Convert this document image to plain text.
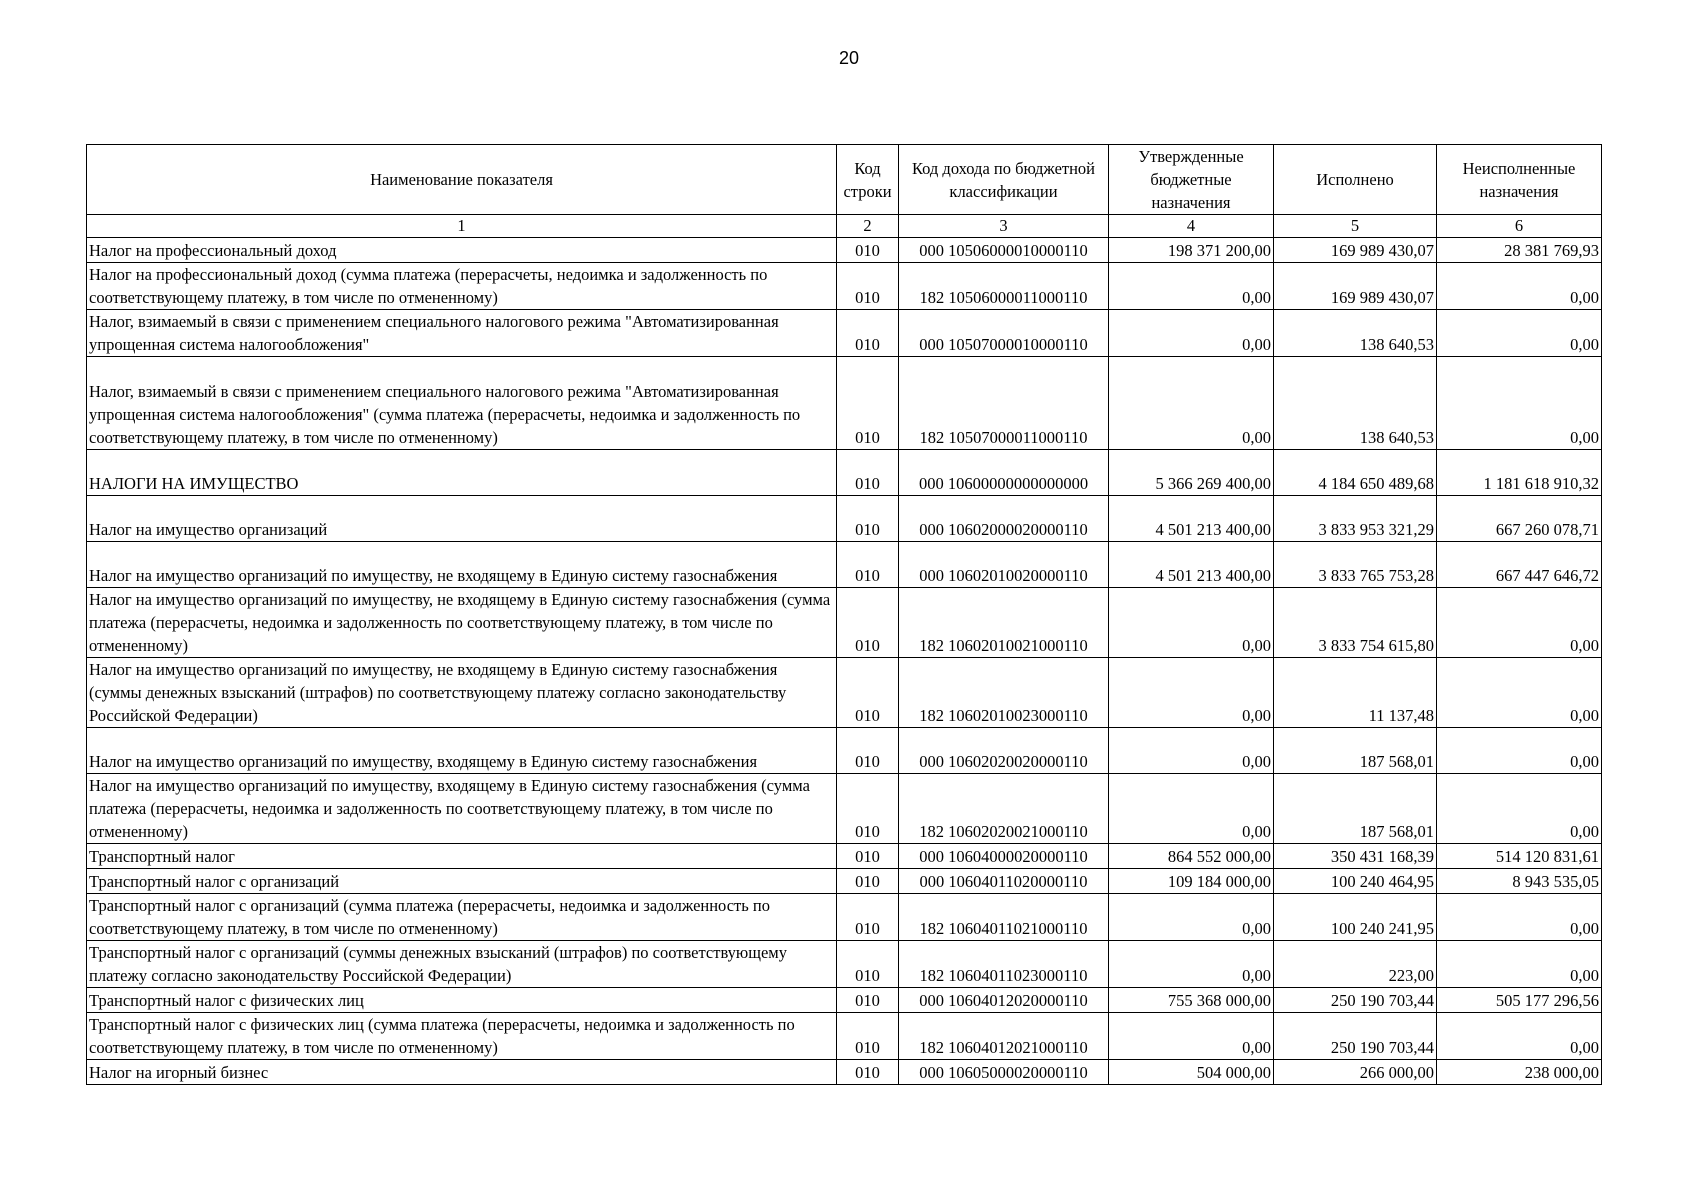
20
Наименование показателя	Код строки	Код дохода по бюджетной классификации	Утвержденные бюджетные назначения	Исполнено	Неисполненные назначения
1	2	3	4	5	6
Налог на профессиональный доход	010	000 10506000010000110	198 371 200,00	169 989 430,07	28 381 769,93
Налог на профессиональный доход (сумма платежа (перерасчеты, недоимка и задолженность по соответствующему платежу, в том числе по отмененному)	010	182 10506000011000110	0,00	169 989 430,07	0,00
Налог, взимаемый в связи с применением специального налогового режима "Автоматизированная упрощенная система налогообложения"	010	000 10507000010000110	0,00	138 640,53	0,00
Налог, взимаемый в связи с применением специального налогового режима "Автоматизированная упрощенная система налогообложения" (сумма платежа (перерасчеты, недоимка и задолженность по соответствующему платежу, в том числе по отмененному)	010	182 10507000011000110	0,00	138 640,53	0,00
НАЛОГИ НА ИМУЩЕСТВО	010	000 10600000000000000	5 366 269 400,00	4 184 650 489,68	1 181 618 910,32
Налог на имущество организаций	010	000 10602000020000110	4 501 213 400,00	3 833 953 321,29	667 260 078,71
Налог на имущество организаций по имуществу, не входящему в Единую систему газоснабжения	010	000 10602010020000110	4 501 213 400,00	3 833 765 753,28	667 447 646,72
Налог на имущество организаций по имуществу, не входящему в Единую систему газоснабжения (сумма платежа (перерасчеты, недоимка и задолженность по соответствующему платежу, в том числе по отмененному)	010	182 10602010021000110	0,00	3 833 754 615,80	0,00
Налог на имущество организаций по имуществу, не входящему в Единую систему газоснабжения (суммы денежных взысканий (штрафов) по соответствующему платежу согласно законодательству Российской Федерации)	010	182 10602010023000110	0,00	11 137,48	0,00
Налог на имущество организаций по имуществу, входящему в Единую систему газоснабжения	010	000 10602020020000110	0,00	187 568,01	0,00
Налог на имущество организаций по имуществу, входящему в Единую систему газоснабжения (сумма платежа (перерасчеты, недоимка и задолженность по соответствующему платежу, в том числе по отмененному)	010	182 10602020021000110	0,00	187 568,01	0,00
Транспортный налог	010	000 10604000020000110	864 552 000,00	350 431 168,39	514 120 831,61
Транспортный налог с организаций	010	000 10604011020000110	109 184 000,00	100 240 464,95	8 943 535,05
Транспортный налог с организаций (сумма платежа (перерасчеты, недоимка и задолженность по соответствующему платежу, в том числе по отмененному)	010	182 10604011021000110	0,00	100 240 241,95	0,00
Транспортный налог с организаций (суммы денежных взысканий (штрафов) по соответствующему платежу согласно законодательству Российской Федерации)	010	182 10604011023000110	0,00	223,00	0,00
Транспортный налог с физических лиц	010	000 10604012020000110	755 368 000,00	250 190 703,44	505 177 296,56
Транспортный налог с физических лиц (сумма платежа (перерасчеты, недоимка и задолженность по соответствующему платежу, в том числе по отмененному)	010	182 10604012021000110	0,00	250 190 703,44	0,00
Налог на игорный бизнес	010	000 10605000020000110	504 000,00	266 000,00	238 000,00
